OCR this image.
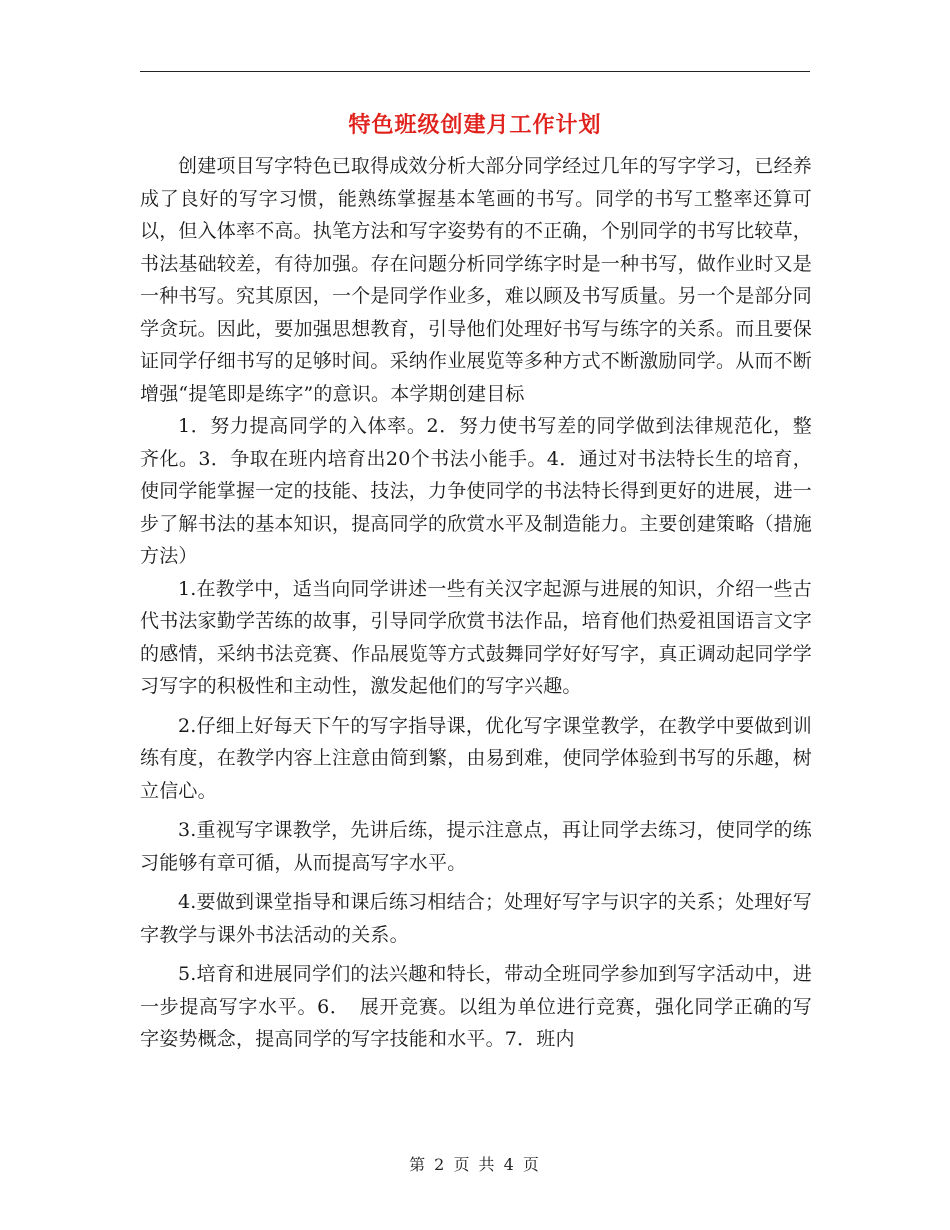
特色班级创建月工作计划

创建项目写字特色已取得成效分析大部分同学经过几年的写字学习，已经养成了良好的写字习惯，能熟练掌握基本笔画的书写。同学的书写工整率还算可以，但入体率不高。执笔方法和写字姿势有的不正确，个别同学的书写比较草，书法基础较差，有待加强。存在问题分析同学练字时是一种书写，做作业时又是一种书写。究其原因，一个是同学作业多，难以顾及书写质量。另一个是部分同学贪玩。因此，要加强思想教育，引导他们处理好书写与练字的关系。而且要保证同学仔细书写的足够时间。采纳作业展览等多种方式不断激励同学。从而不断增强“提笔即是练字”的意识。本学期创建目标

1．努力提高同学的入体率。2．努力使书写差的同学做到法律规范化，整齐化。3．争取在班内培育出20个书法小能手。4．通过对书法特长生的培育，使同学能掌握一定的技能、技法，力争使同学的书法特长得到更好的进展，进一步了解书法的基本知识，提高同学的欣赏水平及制造能力。主要创建策略（措施方法）

1.在教学中，适当向同学讲述一些有关汉字起源与进展的知识，介绍一些古代书法家勤学苦练的故事，引导同学欣赏书法作品，培育他们热爱祖国语言文字的感情，采纳书法竞赛、作品展览等方式鼓舞同学好好写字，真正调动起同学学习写字的积极性和主动性，激发起他们的写字兴趣。

2.仔细上好每天下午的写字指导课，优化写字课堂教学，在教学中要做到训练有度，在教学内容上注意由简到繁，由易到难，使同学体验到书写的乐趣，树立信心。

3.重视写字课教学，先讲后练，提示注意点，再让同学去练习，使同学的练习能够有章可循，从而提高写字水平。

4.要做到课堂指导和课后练习相结合；处理好写字与识字的关系；处理好写字教学与课外书法活动的关系。

5.培育和进展同学们的法兴趣和特长，带动全班同学参加到写字活动中，进一步提高写字水平。6．　展开竞赛。以组为单位进行竞赛，强化同学正确的写字姿势概念，提高同学的写字技能和水平。7．班内

第 2 页 共 4 页
